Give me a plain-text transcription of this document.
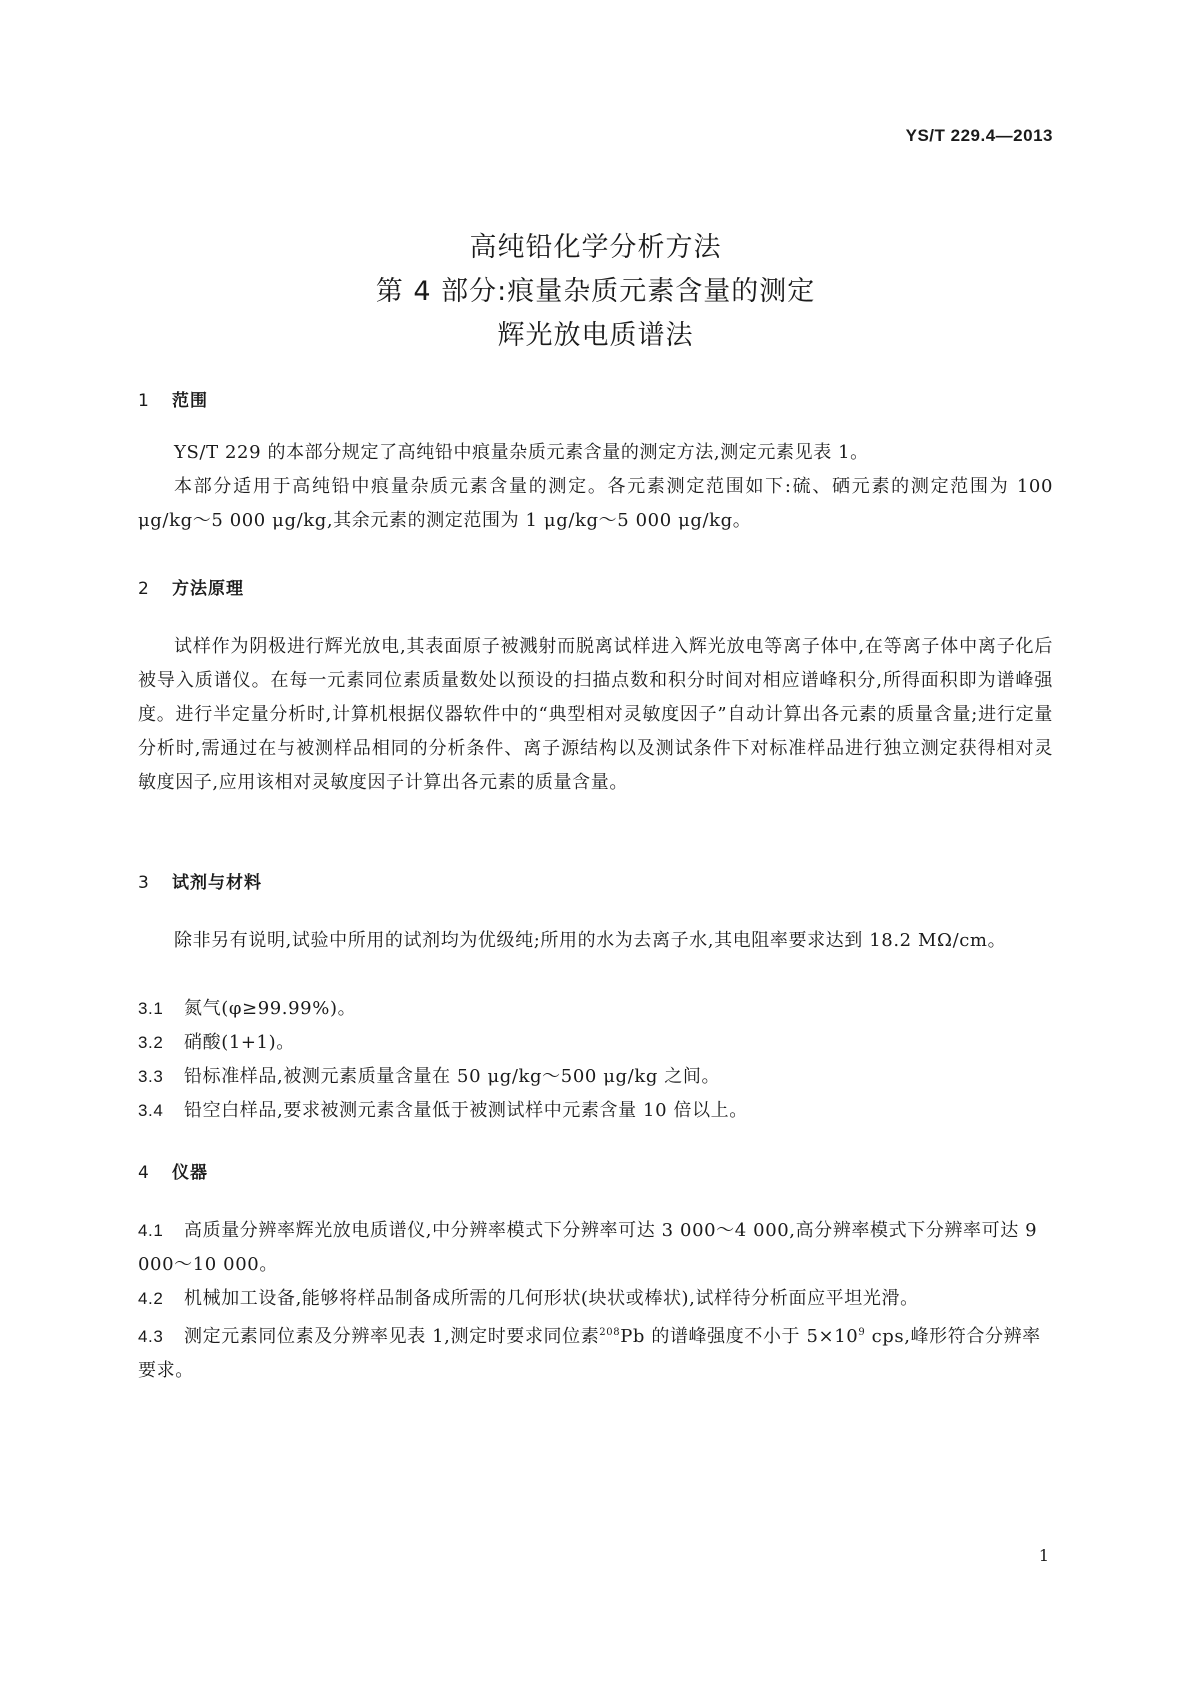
YS/T 229.4—2013
高纯铅化学分析方法
第 4 部分:痕量杂质元素含量的测定
辉光放电质谱法
1 范围

YS/T 229 的本部分规定了高纯铅中痕量杂质元素含量的测定方法,测定元素见表 1。

本部分适用于高纯铅中痕量杂质元素含量的测定。各元素测定范围如下:硫、硒元素的测定范围为 100 μg/kg～5 000 μg/kg,其余元素的测定范围为 1 μg/kg～5 000 μg/kg。

2 方法原理

试样作为阴极进行辉光放电,其表面原子被溅射而脱离试样进入辉光放电等离子体中,在等离子体中离子化后被导入质谱仪。在每一元素同位素质量数处以预设的扫描点数和积分时间对相应谱峰积分,所得面积即为谱峰强度。进行半定量分析时,计算机根据仪器软件中的“典型相对灵敏度因子”自动计算出各元素的质量含量;进行定量分析时,需通过在与被测样品相同的分析条件、离子源结构以及测试条件下对标准样品进行独立测定获得相对灵敏度因子,应用该相对灵敏度因子计算出各元素的质量含量。

3 试剂与材料

除非另有说明,试验中所用的试剂均为优级纯;所用的水为去离子水,其电阻率要求达到 18.2 MΩ/cm。

3.1 氮气(φ≥99.99%)。
3.2 硝酸(1+1)。
3.3 铅标准样品,被测元素质量含量在 50 μg/kg～500 μg/kg 之间。
3.4 铅空白样品,要求被测元素含量低于被测试样中元素含量 10 倍以上。
4 仪器
4.1 高质量分辨率辉光放电质谱仪,中分辨率模式下分辨率可达 3 000～4 000,高分辨率模式下分辨率可达 9 000～10 000。
4.2 机械加工设备,能够将样品制备成所需的几何形状(块状或棒状),试样待分析面应平坦光滑。
4.3 测定元素同位素及分辨率见表 1,测定时要求同位素$^{208}$Pb 的谱峰强度不小于 $5\times 10^9$ cps,峰形符合分辨率要求。
1
